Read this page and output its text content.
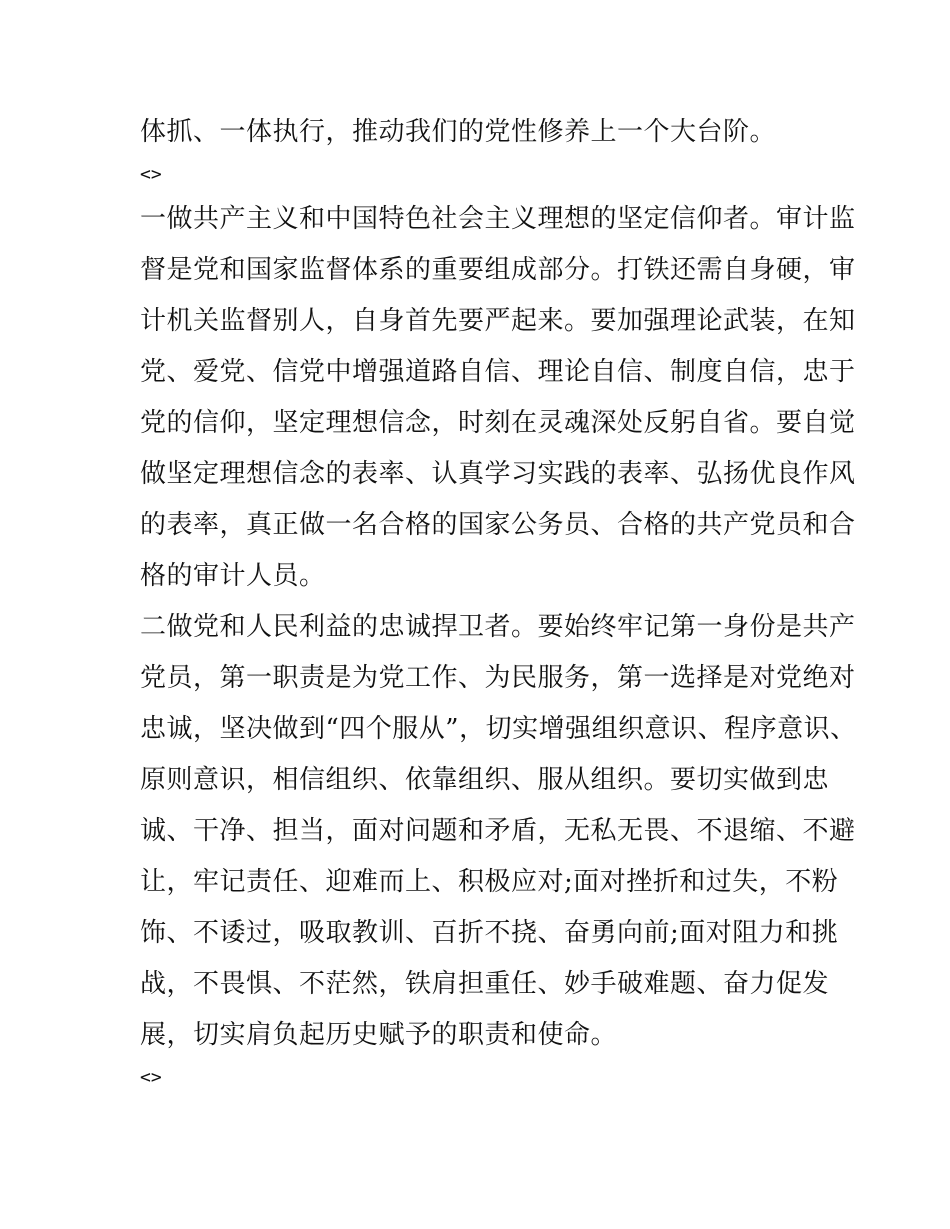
体抓、一体执行，推动我们的党性修养上一个大台阶。
<>
一做共产主义和中国特色社会主义理想的坚定信仰者。审计监
督是党和国家监督体系的重要组成部分。打铁还需自身硬，审
计机关监督别人，自身首先要严起来。要加强理论武装，在知
党、爱党、信党中增强道路自信、理论自信、制度自信，忠于
党的信仰，坚定理想信念，时刻在灵魂深处反躬自省。要自觉
做坚定理想信念的表率、认真学习实践的表率、弘扬优良作风
的表率，真正做一名合格的国家公务员、合格的共产党员和合
格的审计人员。
二做党和人民利益的忠诚捍卫者。要始终牢记第一身份是共产
党员，第一职责是为党工作、为民服务，第一选择是对党绝对
忠诚，坚决做到“四个服从”，切实增强组织意识、程序意识、
原则意识，相信组织、依靠组织、服从组织。要切实做到忠
诚、干净、担当，面对问题和矛盾，无私无畏、不退缩、不避
让，牢记责任、迎难而上、积极应对;面对挫折和过失，不粉
饰、不诿过，吸取教训、百折不挠、奋勇向前;面对阻力和挑
战，不畏惧、不茫然，铁肩担重任、妙手破难题、奋力促发
展，切实肩负起历史赋予的职责和使命。
<>
